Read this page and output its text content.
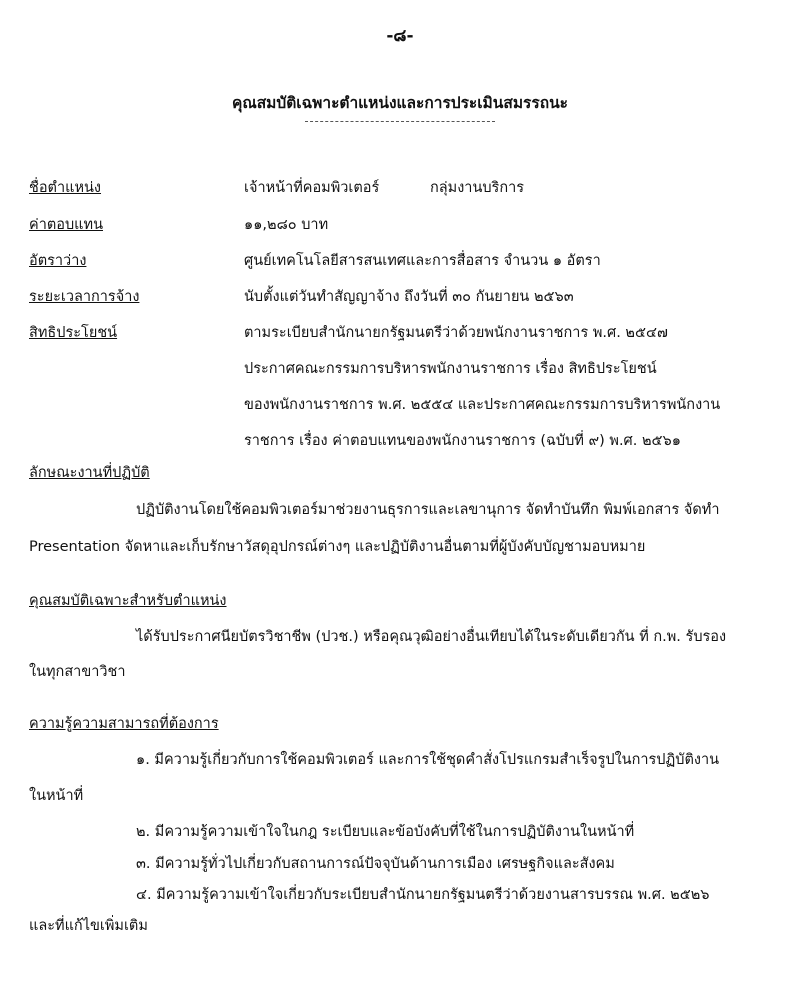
-๘-
คุณสมบัติเฉพาะตำแหน่งและการประเมินสมรรถนะ
ชื่อตำแหน่ง	เจ้าหน้าที่คอมพิวเตอร์	กลุ่มงานบริการ
ค่าตอบแทน	๑๑,๒๘๐ บาท
อัตราว่าง	ศูนย์เทคโนโลยีสารสนเทศและการสื่อสาร จำนวน ๑ อัตรา
ระยะเวลาการจ้าง	นับตั้งแต่วันทำสัญญาจ้าง ถึงวันที่ ๓๐ กันยายน ๒๕๖๓
สิทธิประโยชน์	ตามระเบียบสำนักนายกรัฐมนตรีว่าด้วยพนักงานราชการ พ.ศ. ๒๕๔๗
ประกาศคณะกรรมการบริหารพนักงานราชการ เรื่อง สิทธิประโยชน์
ของพนักงานราชการ พ.ศ. ๒๕๕๔ และประกาศคณะกรรมการบริหารพนักงาน
ราชการ เรื่อง ค่าตอบแทนของพนักงานราชการ (ฉบับที่ ๙) พ.ศ. ๒๕๖๑
ลักษณะงานที่ปฏิบัติ
ปฏิบัติงานโดยใช้คอมพิวเตอร์มาช่วยงานธุรการและเลขานุการ จัดทำบันทึก พิมพ์เอกสาร จัดทำ
Presentation จัดหาและเก็บรักษาวัสดุอุปกรณ์ต่างๆ และปฏิบัติงานอื่นตามที่ผู้บังคับบัญชามอบหมาย
คุณสมบัติเฉพาะสำหรับตำแหน่ง
ได้รับประกาศนียบัตรวิชาชีพ (ปวช.) หรือคุณวุฒิอย่างอื่นเทียบได้ในระดับเดียวกัน ที่ ก.พ. รับรอง
ในทุกสาขาวิชา
ความรู้ความสามารถที่ต้องการ
๑. มีความรู้เกี่ยวกับการใช้คอมพิวเตอร์ และการใช้ชุดคำสั่งโปรแกรมสำเร็จรูปในการปฏิบัติงาน
ในหน้าที่
๒. มีความรู้ความเข้าใจในกฎ ระเบียบและข้อบังคับที่ใช้ในการปฏิบัติงานในหน้าที่
๓. มีความรู้ทั่วไปเกี่ยวกับสถานการณ์ปัจจุบันด้านการเมือง เศรษฐกิจและสังคม
๔. มีความรู้ความเข้าใจเกี่ยวกับระเบียบสำนักนายกรัฐมนตรีว่าด้วยงานสารบรรณ พ.ศ. ๒๕๒๖
และที่แก้ไขเพิ่มเติม
